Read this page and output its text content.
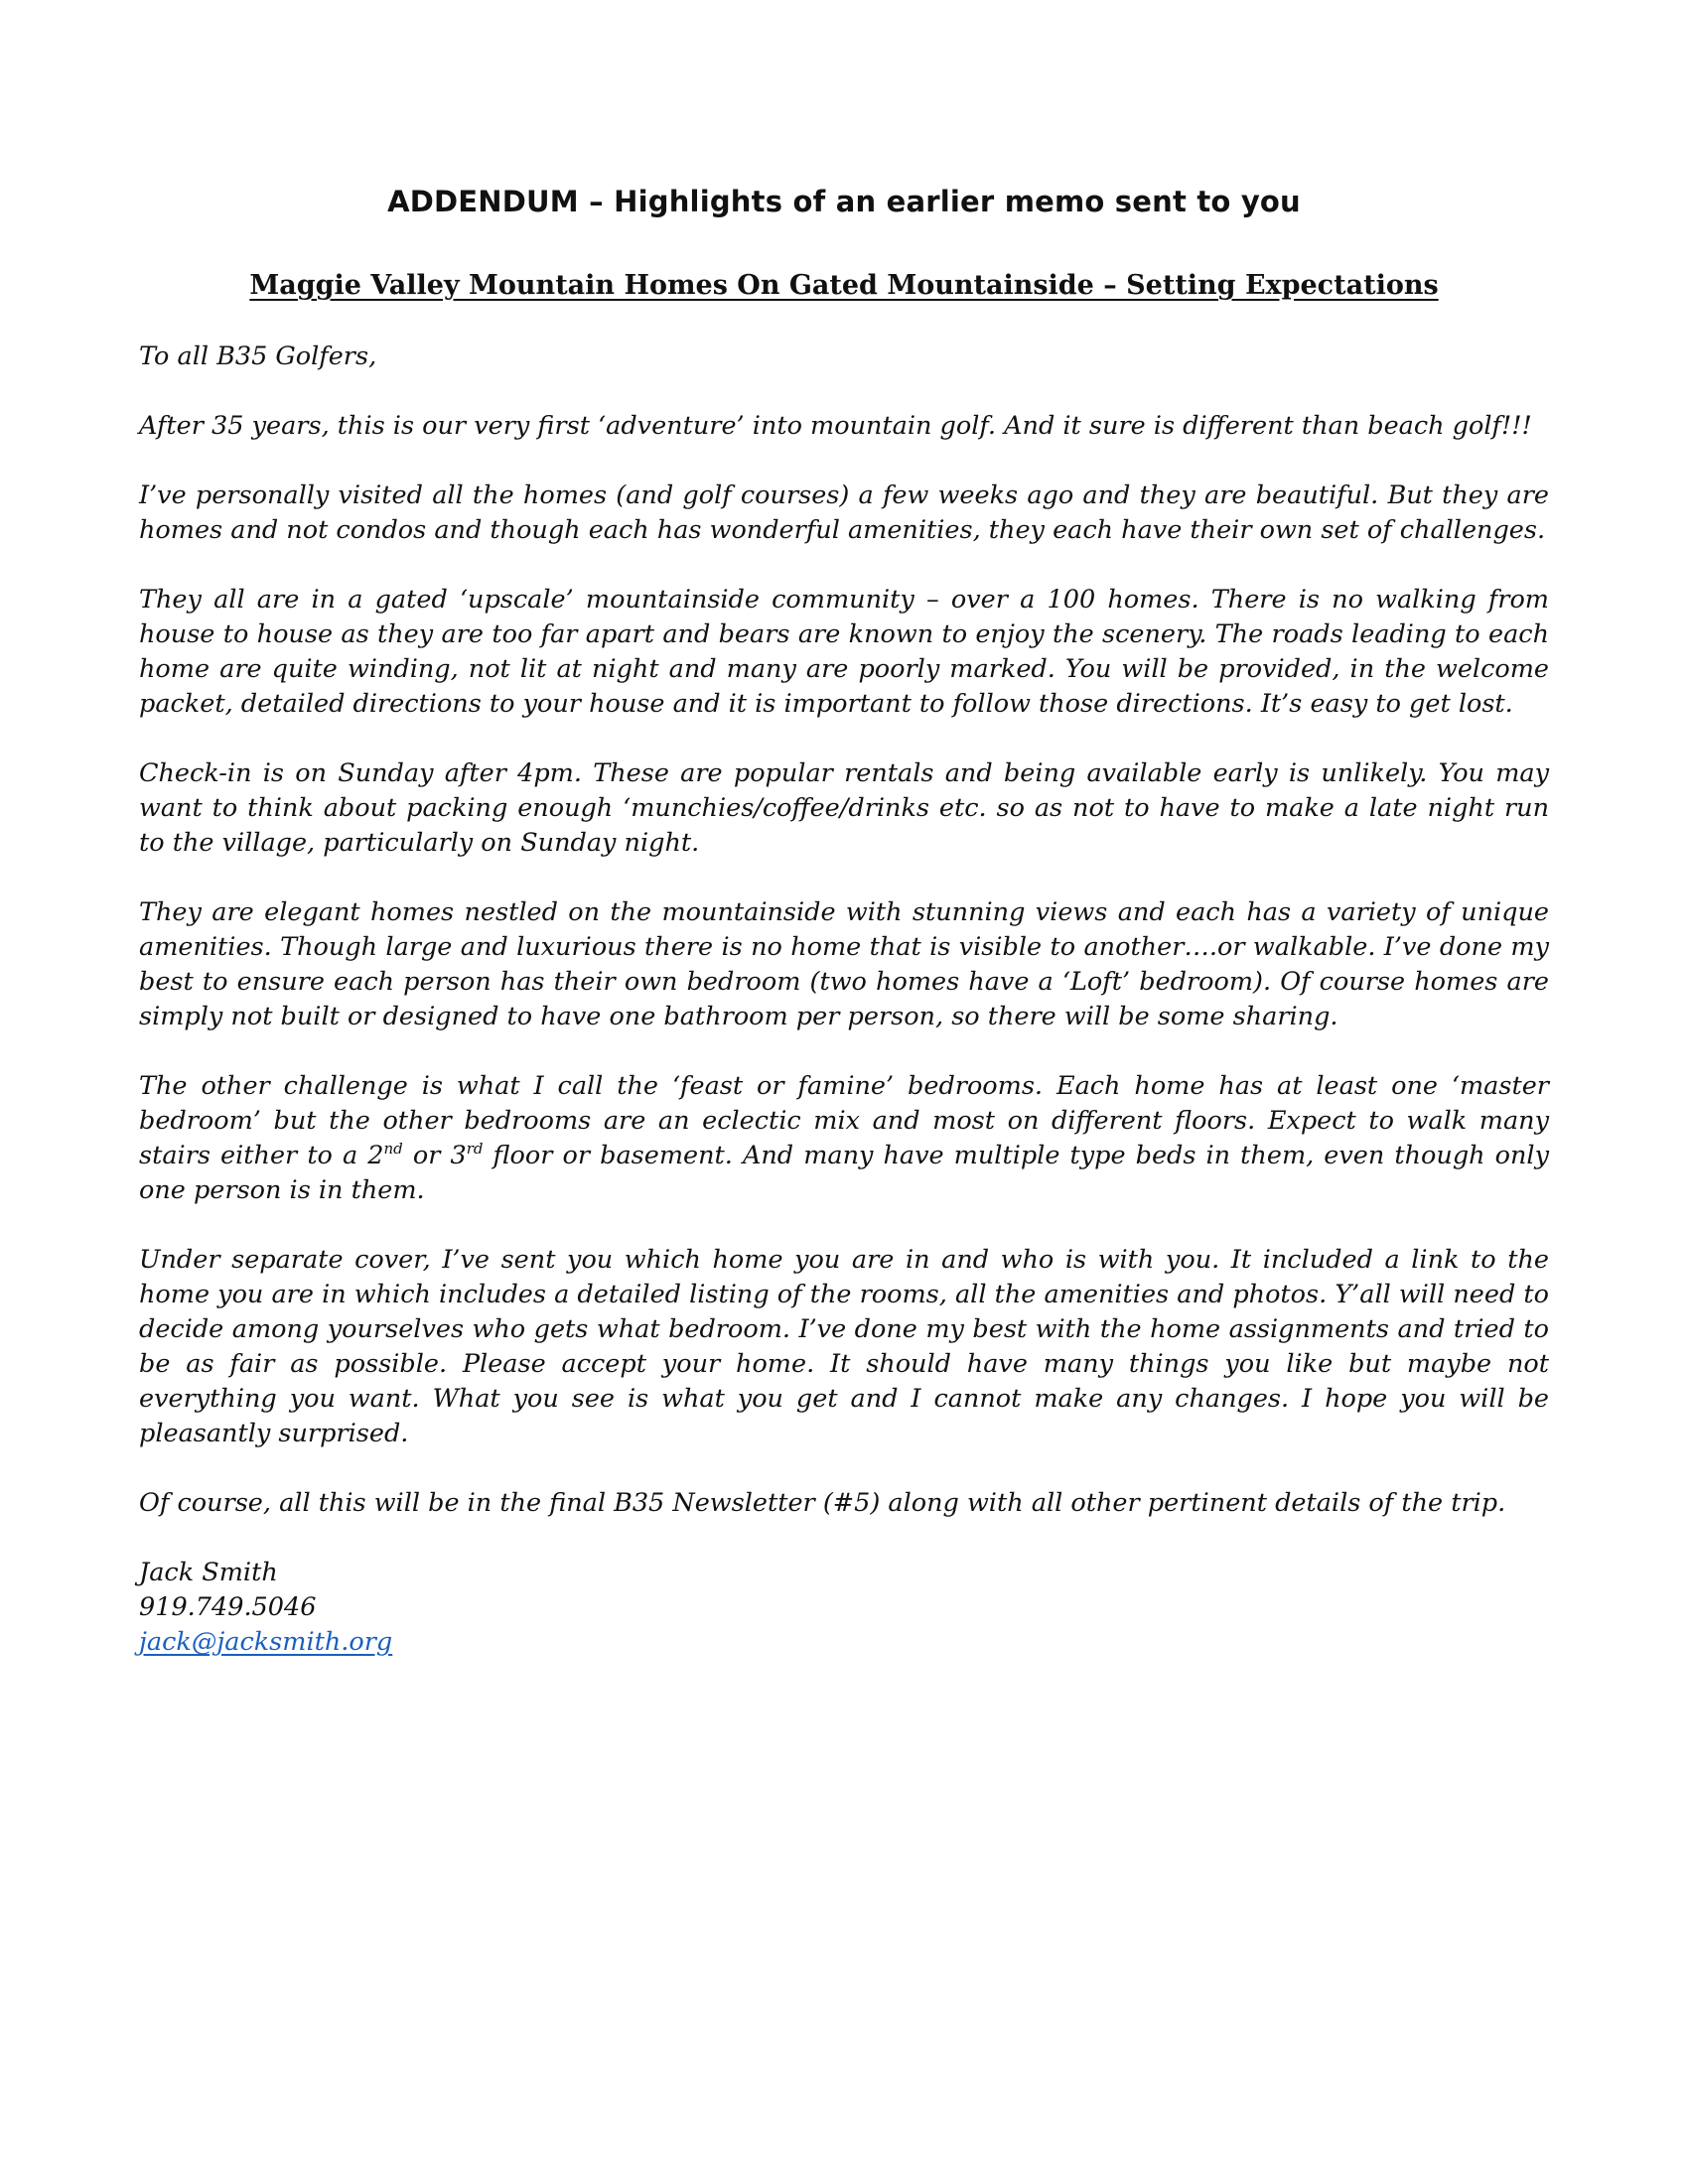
ADDENDUM – Highlights of an earlier memo sent to you
Maggie Valley Mountain Homes On Gated Mountainside – Setting Expectations

To all B35 Golfers,

After 35 years, this is our very first ‘adventure’ into mountain golf. And it sure is different than beach golf!!!

I’ve personally visited all the homes (and golf courses) a few weeks ago and they are beautiful. But they are homes and not condos and though each has wonderful amenities, they each have their own set of challenges.

They all are in a gated ‘upscale’ mountainside community – over a 100 homes. There is no walking from house to house as they are too far apart and bears are known to enjoy the scenery. The roads leading to each home are quite winding, not lit at night and many are poorly marked. You will be provided, in the welcome packet, detailed directions to your house and it is important to follow those directions. It’s easy to get lost.

Check-in is on Sunday after 4pm. These are popular rentals and being available early is unlikely. You may want to think about packing enough ‘munchies/coffee/drinks etc. so as not to have to make a late night run to the village, particularly on Sunday night.

They are elegant homes nestled on the mountainside with stunning views and each has a variety of unique amenities. Though large and luxurious there is no home that is visible to another….or walkable. I’ve done my best to ensure each person has their own bedroom (two homes have a ‘Loft’ bedroom). Of course homes are simply not built or designed to have one bathroom per person, so there will be some sharing.

The other challenge is what I call the ‘feast or famine’ bedrooms. Each home has at least one ‘master bedroom’ but the other bedrooms are an eclectic mix and most on different floors. Expect to walk many stairs either to a 2nd or 3rd floor or basement. And many have multiple type beds in them, even though only one person is in them.

Under separate cover, I’ve sent you which home you are in and who is with you. It included a link to the home you are in which includes a detailed listing of the rooms, all the amenities and photos. Y’all will need to decide among yourselves who gets what bedroom. I’ve done my best with the home assignments and tried to be as fair as possible. Please accept your home. It should have many things you like but maybe not everything you want. What you see is what you get and I cannot make any changes. I hope you will be pleasantly surprised.

Of course, all this will be in the final B35 Newsletter (#5) along with all other pertinent details of the trip.

Jack Smith
919.749.5046
jack@jacksmith.org
